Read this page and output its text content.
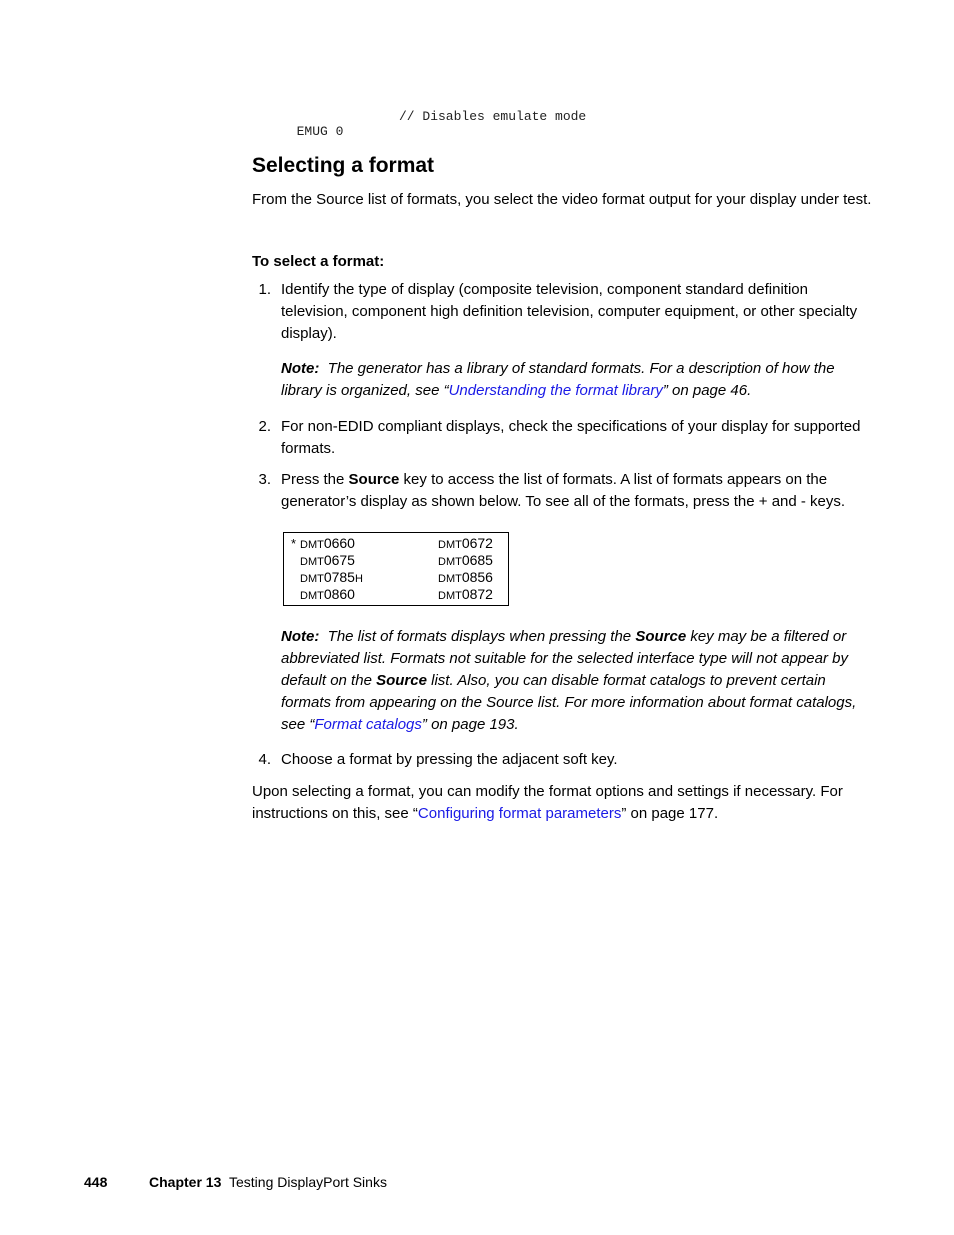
EMUG 0

// Disables emulate mode

Selecting a format

From the Source list of formats, you select the video format output for your display under test.

To select a format:
1. Identify the type of display (composite television, component standard definition television, component high definition television, computer equipment, or other specialty display).

Note: The generator has a library of standard formats. For a description of how the library is organized, see “Understanding the format library” on page 46.

2. For non-EDID compliant displays, check the specifications of your display for supported formats.

3. Press the Source key to access the list of formats. A list of formats appears on the generator’s display as shown below. To see all of the formats, press the + and - keys.

* DMT0660
DMT0675
DMT0785H
DMT0860
DMT0672
DMT0685
DMT0856
DMT0872

Note: The list of formats displays when pressing the Source key may be a filtered or abbreviated list. Formats not suitable for the selected interface type will not appear by default on the Source list. Also, you can disable format catalogs to prevent certain formats from appearing on the Source list. For more information about format catalogs, see “Format catalogs” on page 193.

4. Choose a format by pressing the adjacent soft key.

Upon selecting a format, you can modify the format options and settings if necessary. For instructions on this, see “Configuring format parameters” on page 177.

448	Chapter 13 Testing DisplayPort Sinks
